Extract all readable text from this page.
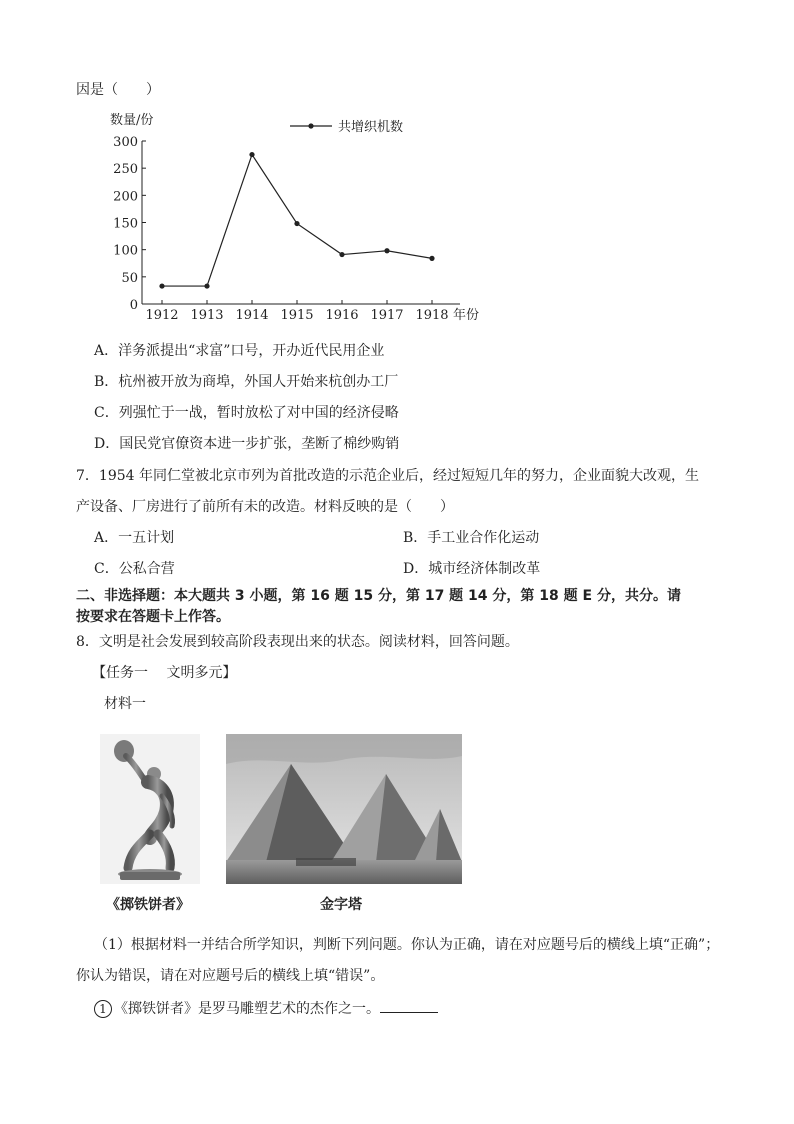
因是（　　）
数量/份
0
50
100
150
200
250
300
1912 1913 1914 1915 1916 1917 1918 年份
共增织机数
A．洋务派提出“求富”口号，开办近代民用企业
B．杭州被开放为商埠，外国人开始来杭创办工厂
C．列强忙于一战，暂时放松了对中国的经济侵略
D．国民党官僚资本进一步扩张，垄断了棉纱购销
7．1954 年同仁堂被北京市列为首批改造的示范企业后，经过短短几年的努力，企业面貌大改观，生
产设备、厂房进行了前所有未的改造。材料反映的是（　　）
A．一五计划	B．手工业合作化运动
C．公私合营	D．城市经济体制改革
二、非选择题：本大题共 3 小题，第 16 题 15 分，第 17 题 14 分，第 18 题 E 分，共分。请
按要求在答题卡上作答。
8．文明是社会发展到较高阶段表现出来的状态。阅读材料，回答问题。
【任务一　 文明多元】
材料一
《掷铁饼者》	金字塔
（1）根据材料一并结合所学知识，判断下列问题。你认为正确，请在对应题号后的横线上填“正确”；
你认为错误，请在对应题号后的横线上填“错误”。
1 《掷铁饼者》是罗马雕塑艺术的杰作之一。
